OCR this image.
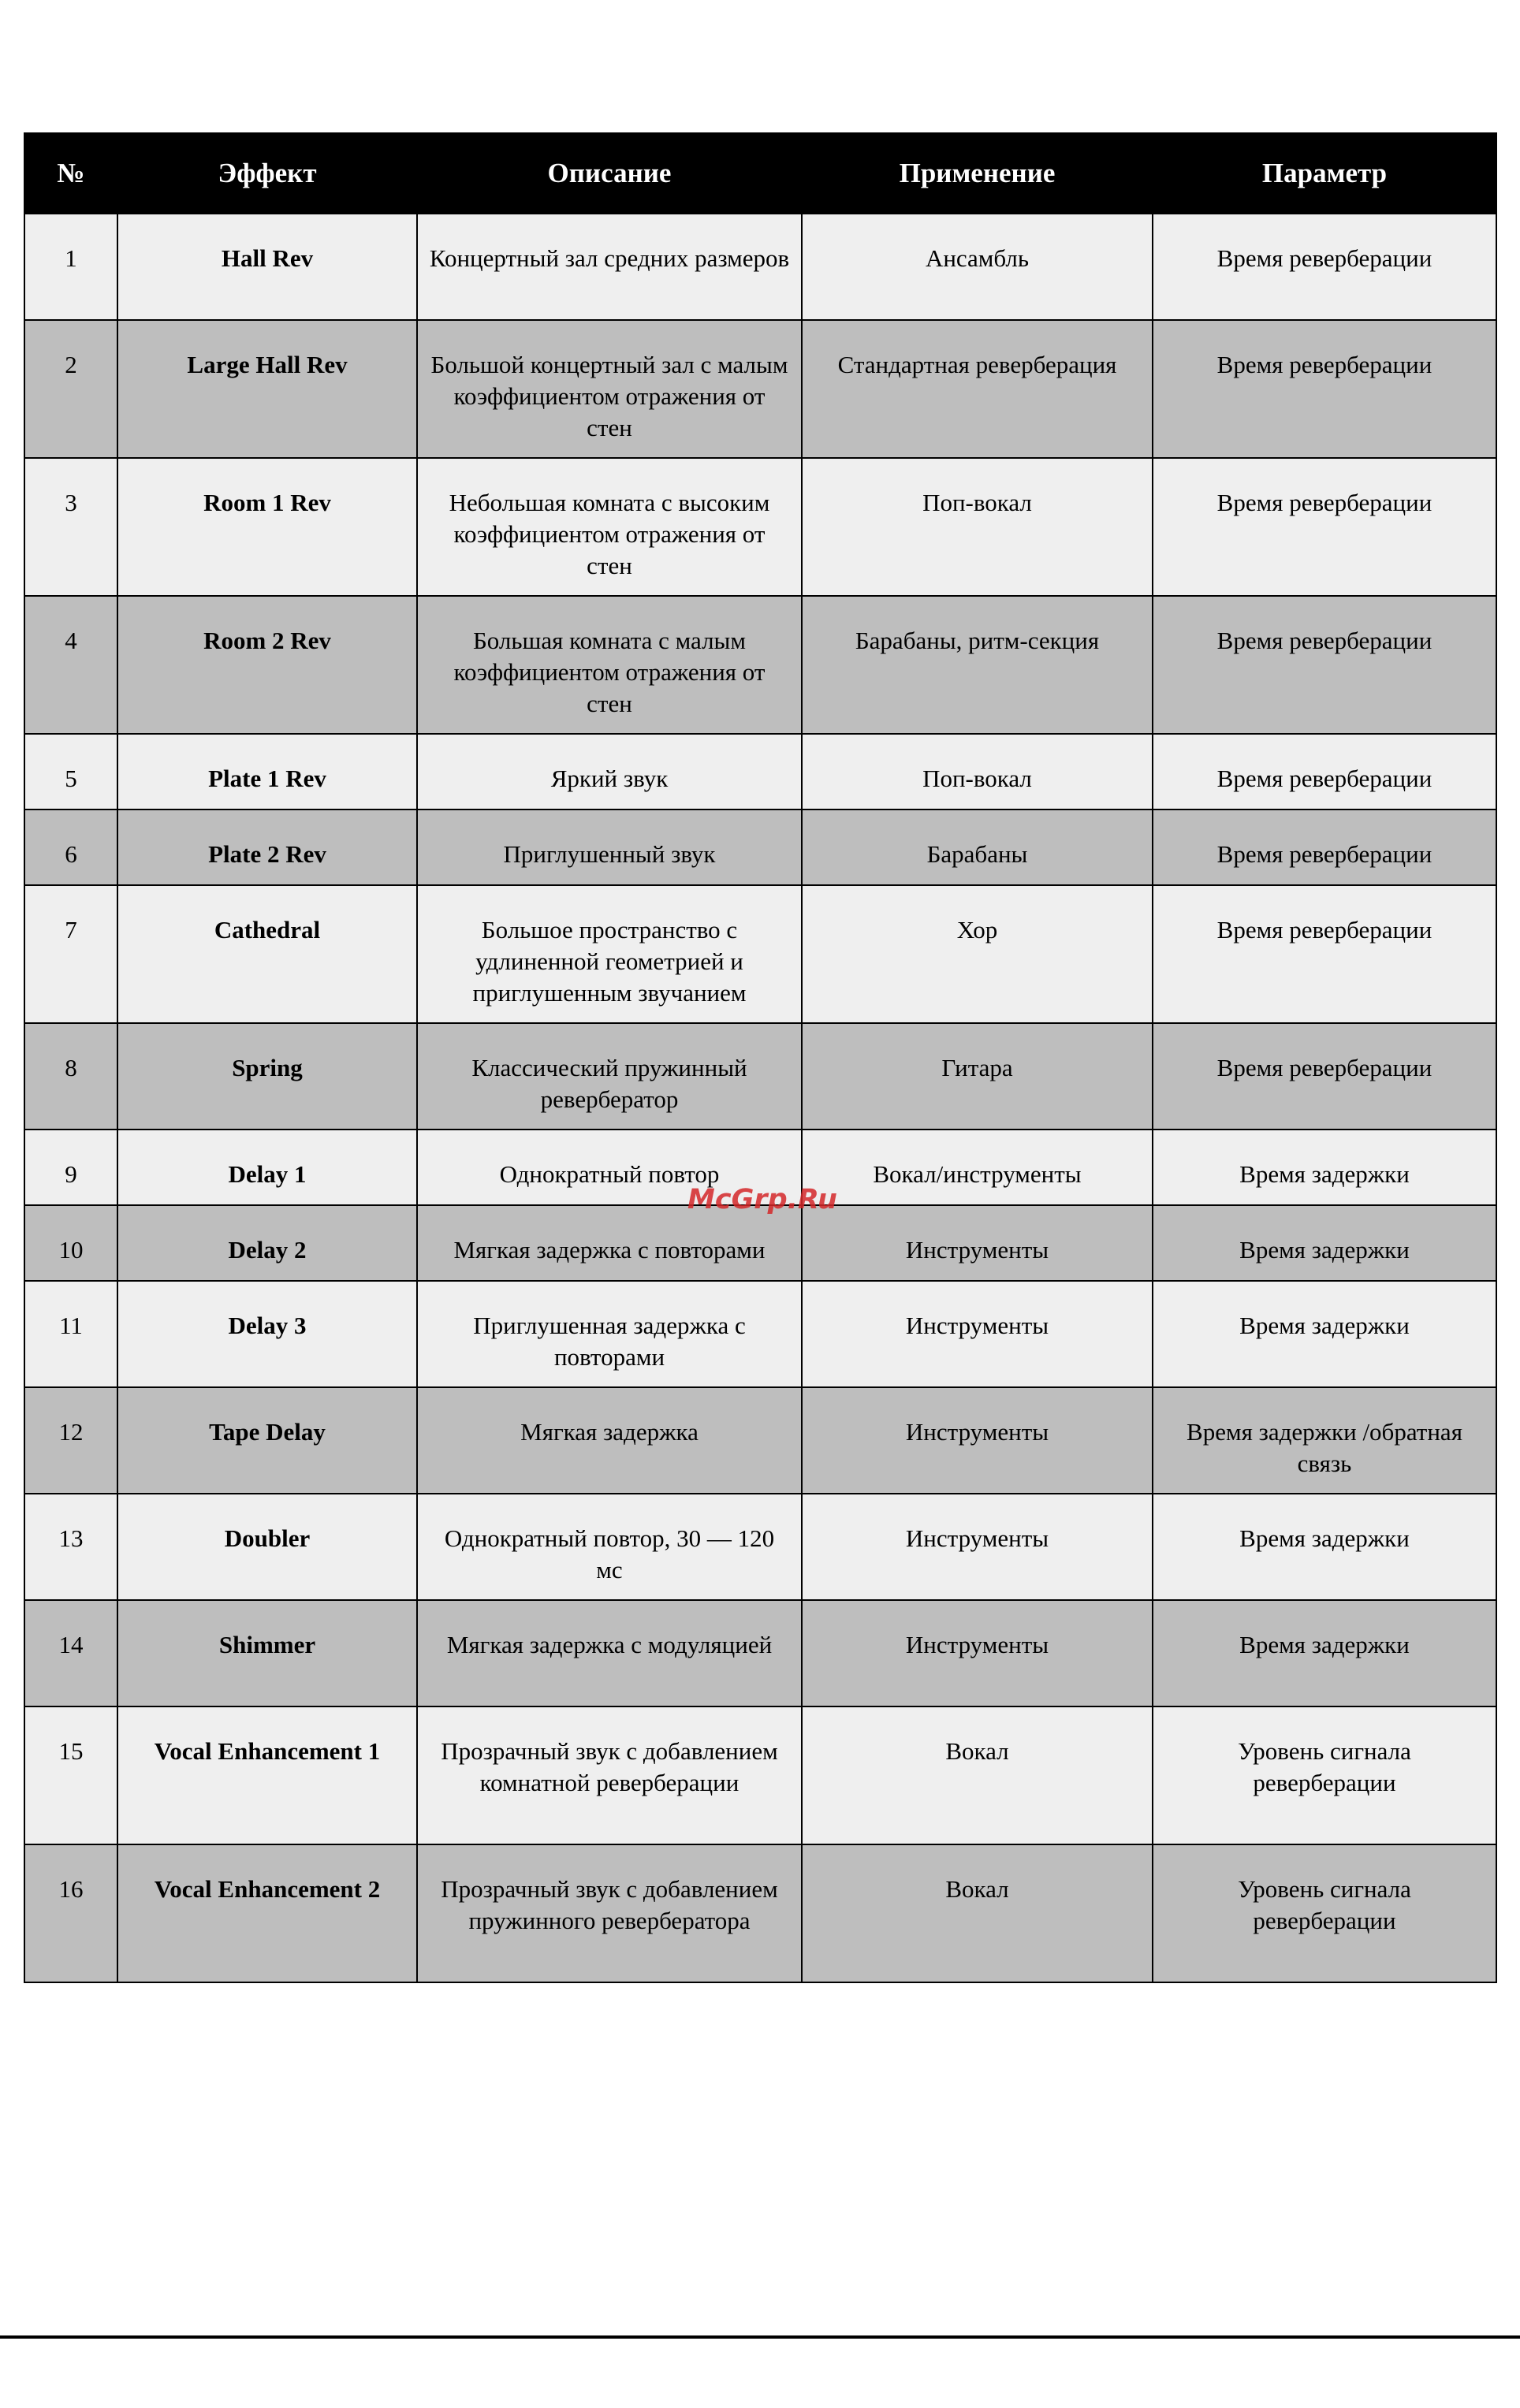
№	Эффект	Описание	Применение	Параметр
1	Hall Rev	Концертный зал средних размеров	Ансамбль	Время реверберации
2	Large Hall Rev	Большой концертный зал с малым коэффициентом отражения от стен	Стандартная реверберация	Время реверберации
3	Room 1 Rev	Небольшая комната с высоким коэффициентом отражения от стен	Поп-вокал	Время реверберации
4	Room 2 Rev	Большая комната с малым коэффициентом отражения от стен	Барабаны, ритм-секция	Время реверберации
5	Plate 1 Rev	Яркий звук	Поп-вокал	Время реверберации
6	Plate 2 Rev	Приглушенный звук	Барабаны	Время реверберации
7	Cathedral	Большое пространство с удлиненной геометрией и приглушенным звучанием	Хор	Время реверберации
8	Spring	Классический пружинный ревербератор	Гитара	Время реверберации
9	Delay 1	Однократный повтор	Вокал/инструменты	Время задержки
10	Delay 2	Мягкая задержка с повторами	Инструменты	Время задержки
11	Delay 3	Приглушенная задержка с повторами	Инструменты	Время задержки
12	Tape Delay	Мягкая задержка	Инструменты	Время задержки /обратная связь
13	Doubler	Однократный повтор, 30 — 120 мс	Инструменты	Время задержки
14	Shimmer	Мягкая задержка с модуляцией	Инструменты	Время задержки
15	Vocal Enhancement 1	Прозрачный звук с добавлением комнатной реверберации	Вокал	Уровень сигнала реверберации
16	Vocal Enhancement 2	Прозрачный звук с добавлением пружинного ревербератора	Вокал	Уровень сигнала реверберации

McGrp.Ru
